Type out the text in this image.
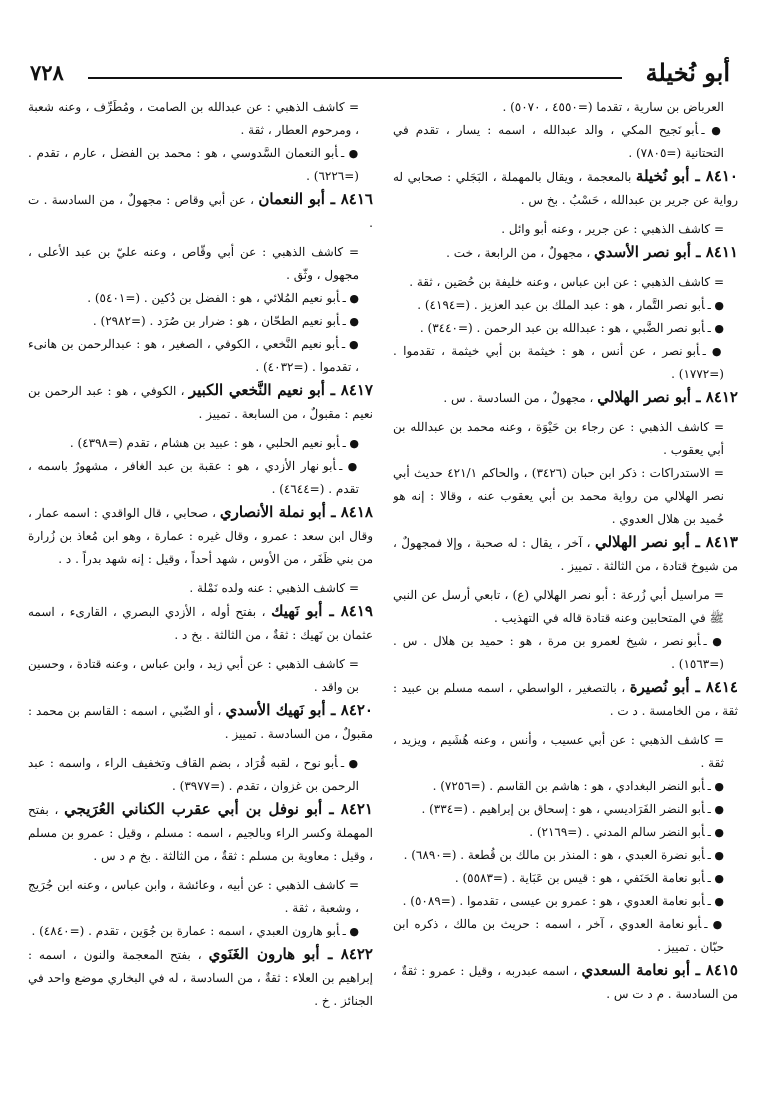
أبو نُخيلة
٧٢٨
العرباض بن سارية ، تقدما (=٤٥٥٠ ، ٥٠٧٠) .
● ـأبو نَجيح المكي ، والد عبدالله ، اسمه : يسار ، تقدم في التحتانية (=٧٨٠٥) .
٨٤١٠ ـ أبو نُخيلة بالمعجمة ، ويقال بالمهملة ، البَجَلي : صحابي له رواية عن جرير بن عبدالله ، حَسْبُ . بخ س .
= كاشف الذهبي : عن جرير ، وعنه أبو وائل .
٨٤١١ ـ أبو نصر الأسدي ، مجهولٌ ، من الرابعة ، خت .
= كاشف الذهبي : عن ابن عباس ، وعنه خليفة بن حُصَين ، ثقة .
● ـأبو نصر التَّمار ، هو : عبد الملك بن عبد العزيز . (=٤١٩٤) .
● ـأبو نصر الضَّبي ، هو : عبدالله بن عبد الرحمن . (=٣٤٤٠) .
● ـأبو نصر ، عن أنس ، هو : خيثمة بن أبي خيثمة ، تقدموا . (=١٧٧٢) .
٨٤١٢ ـ أبو نصر الهلالي ، مجهولٌ ، من السادسة . س .
= كاشف الذهبي : عن رجاء بن حَيْوَة ، وعنه محمد بن عبدالله بن أبي يعقوب .
= الاستدراكات : ذكر ابن حبان (٣٤٢٦) ، والحاكم ٤٢١/١ حديث أبي نصر الهلالي من رواية محمد بن أبي يعقوب عنه ، وقالا : إنه هو حُميد بن هلال العدوي .
٨٤١٣ ـ أبو نصر الهلالي ، آخر ، يقال : له صحبة ، وإلا فمجهولٌ ، من شيوخ قتادة ، من الثالثة . تمييز .
= مراسيل أبي زُرعة : أبو نصر الهلالي (ع) ، تابعي أرسل عن النبي ﷺ في المتحابين وعنه قتادة قاله في التهذيب .
● ـأبو نصر ، شيخ لعمرو بن مرة ، هو : حميد بن هلال . س . (=١٥٦٣) .
٨٤١٤ ـ أبو نُصيرة ، بالتصغير ، الواسطي ، اسمه مسلم بن عبيد : ثقة ، من الخامسة . د ت .
= كاشف الذهبي : عن أبي عسيب ، وأنس ، وعنه هُشَيم ، ويزيد ، ثقة .
● ـأبو النضر البغدادي ، هو : هاشم بن القاسم . (=٧٢٥٦) .
● ـأبو النضر الفَرَاديسي ، هو : إسحاق بن إبراهيم . (=٣٣٤) .
● ـأبو النضر سالم المدني . (=٢١٦٩) .
● ـأبو نضرة العبدي ، هو : المنذر بن مالك بن قُطعة . (=٦٨٩٠) .
● ـأبو نعامة الحَنَفي ، هو : قيس بن عَبَاية . (=٥٥٨٣) .
● ـأبو نعامة العدوي ، هو : عمرو بن عيسى ، تقدموا . (=٥٠٨٩) .
● ـأبو نعامة العدوي ، آخر ، اسمه : حريث بن مالك ، ذكره ابن حبّان . تمييز .
٨٤١٥ ـ أبو نعامة السعدي ، اسمه عبدربه ، وقيل : عمرو : ثقةٌ ، من السادسة . م د ت س .
= كاشف الذهبي : عن عبدالله بن الصامت ، ومُطَرِّف ، وعنه شعبة ، ومرحوم العطار ، ثقة .
● ـأبو النعمان السَّدوسي ، هو : محمد بن الفضل ، عارم ، تقدم . (=٦٢٢٦) .
٨٤١٦ ـ أبو النعمان ، عن أبي وقاص : مجهولٌ ، من السادسة . ت .
= كاشف الذهبي : عن أبي وقّاص ، وعنه عليّ بن عبد الأعلى ، مجهول ، وثّق .
● ـأبو نعيم المُلائي ، هو : الفضل بن دُكين . (=٥٤٠١) .
● ـأبو نعيم الطحّان ، هو : ضرار بن صُرَد . (=٢٩٨٢) .
● ـأبو نعيم النَّخعي ، الكوفي ، الصغير ، هو : عبدالرحمن بن هانىء ، تقدموا . (=٤٠٣٢) .
٨٤١٧ ـ أبو نعيم النَّخعي الكبير ، الكوفي ، هو : عبد الرحمن بن نعيم : مقبولٌ ، من السابعة . تمييز .
● ـأبو نعيم الحلبي ، هو : عبيد بن هشام ، تقدم (=٤٣٩٨) .
● ـأبو نهار الأزدي ، هو : عقبة بن عبد الغافر ، مشهورٌ باسمه ، تقدم . (=٤٦٤٤) .
٨٤١٨ ـ أبو نملة الأنصاري ، صحابي ، قال الواقدي : اسمه عمار ، وقال ابن سعد : عمرو ، وقال غيره : عمارة ، وهو ابن مُعاذ بن زُرارة من بني ظَفَر ، من الأوس ، شهد أحداً ، وقيل : إنه شهد بدراً . د .
= كاشف الذهبي : عنه ولده نَمْلة .
٨٤١٩ ـ أبو نَهيك ، بفتح أوله ، الأزدي البصري ، القارىء ، اسمه عثمان بن نَهيك : ثقةٌ ، من الثالثة . بخ د .
= كاشف الذهبي : عن أبي زيد ، وابن عباس ، وعنه قتادة ، وحسين بن واقد .
٨٤٢٠ ـ أبو نَهيك الأسدي ، أو الضّبي ، اسمه : القاسم بن محمد : مقبولٌ ، من السادسة . تمييز .
● ـأبو نوح ، لقبه قُرَاد ، بضم القاف وتخفيف الراء ، واسمه : عبد الرحمن بن غزوان ، تقدم . (=٣٩٧٧) .
٨٤٢١ ـ أبو نوفل بن أبي عقرب الكناني العُرَيجي ، بفتح المهملة وكسر الراء وبالجيم ، اسمه : مسلم ، وقيل : عمرو بن مسلم ، وقيل : معاوية بن مسلم : ثقةٌ ، من الثالثة . بخ م د س .
= كاشف الذهبي : عن أبيه ، وعائشة ، وابن عباس ، وعنه ابن جُرَيج ، وشعبة ، ثقة .
● ـأبو هارون العبدي ، اسمه : عمارة بن جُوَين ، تقدم . (=٤٨٤٠) .
٨٤٢٢ ـ أبو هارون الغَنَوي ، بفتح المعجمة والنون ، اسمه : إبراهيم بن العلاء : ثقةٌ ، من السادسة ، له في البخاري موضع واحد في الجنائز . خ .
